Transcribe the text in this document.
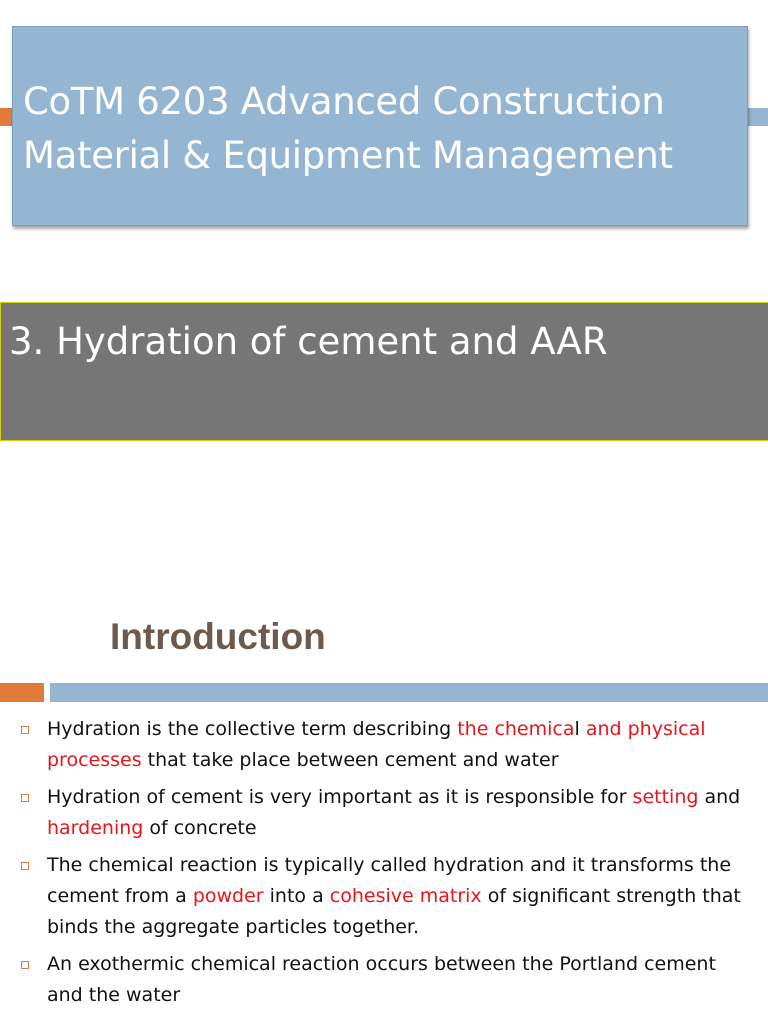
CoTM 6203 Advanced Construction
Material & Equipment Management
3. Hydration of cement and AAR
Introduction
Hydration is the collective term describing the chemical and physical processes that take place between cement and water
Hydration of cement is very important as it is responsible for setting and hardening of concrete
The chemical reaction is typically called hydration and it transforms the cement from a powder into a cohesive matrix of significant strength that binds the aggregate particles together.
An exothermic chemical reaction occurs between the Portland cement and the water
